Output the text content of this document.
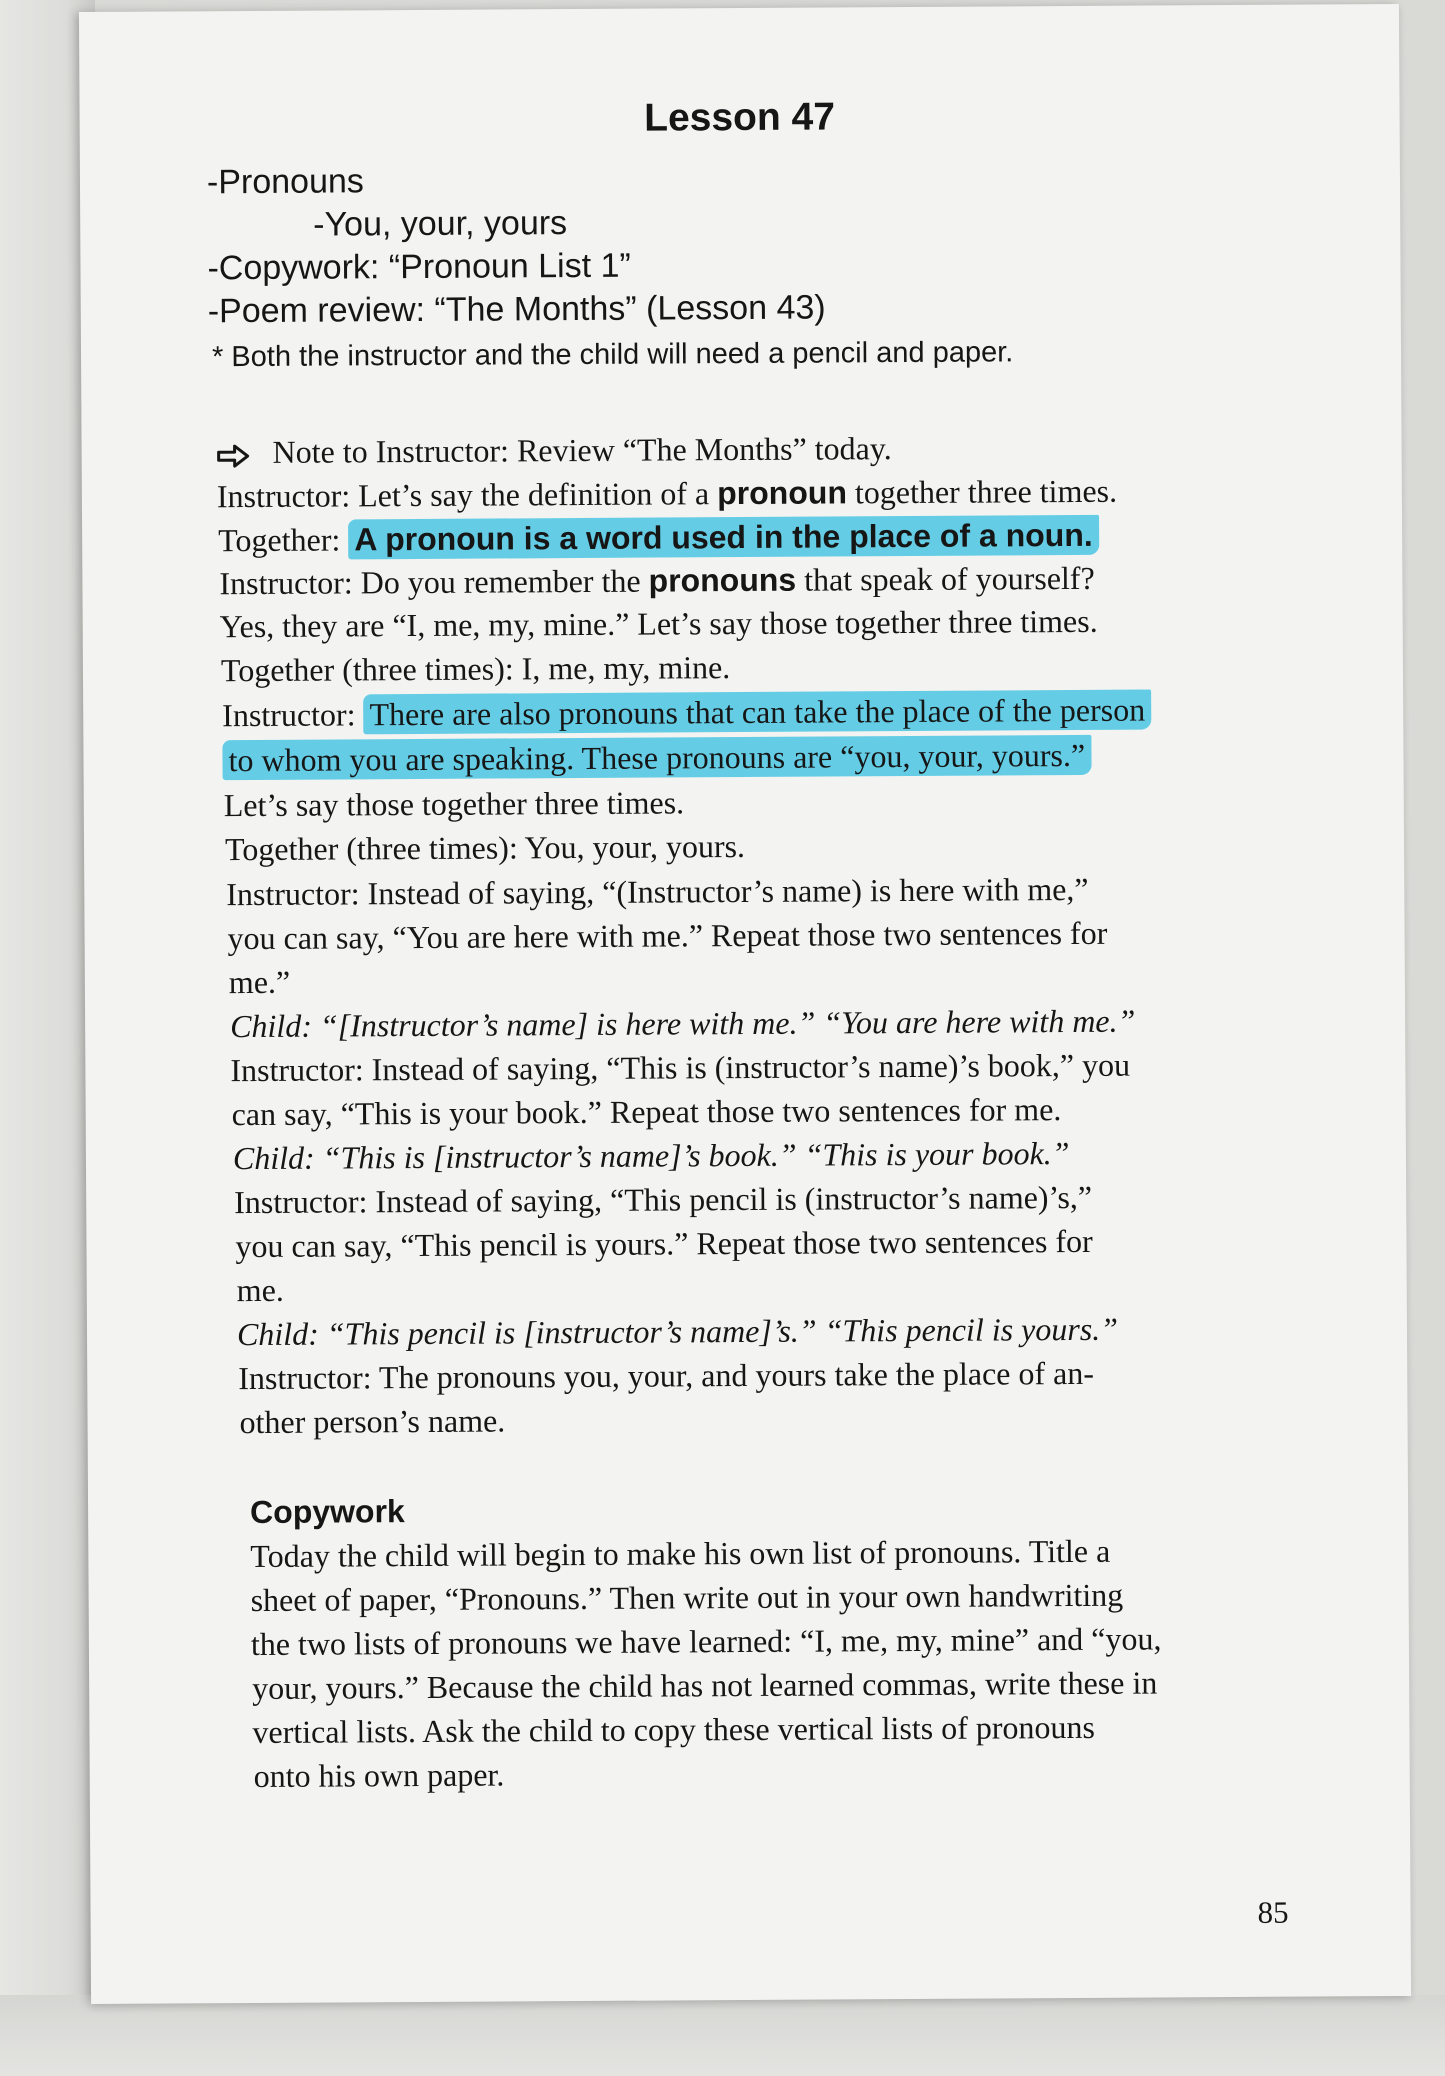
Lesson 47
-Pronouns
-You, your, yours
-Copywork: “Pronoun List 1”
-Poem review: “The Months” (Lesson 43)
* Both the instructor and the child will need a pencil and paper.
Note to Instructor: Review “The Months” today.
Instructor: Let’s say the definition of a pronoun together three times.
Together: A pronoun is a word used in the place of a noun.
Instructor: Do you remember the pronouns that speak of yourself?
Yes, they are “I, me, my, mine.” Let’s say those together three times.
Together (three times): I, me, my, mine.
Instructor: There are also pronouns that can take the place of the person
to whom you are speaking. These pronouns are “you, your, yours.”
Let’s say those together three times.
Together (three times): You, your, yours.
Instructor: Instead of saying, “(Instructor’s name) is here with me,”
you can say, “You are here with me.” Repeat those two sentences for
me.”
Child: “[Instructor’s name] is here with me.” “You are here with me.”
Instructor: Instead of saying, “This is (instructor’s name)’s book,” you
can say, “This is your book.” Repeat those two sentences for me.
Child: “This is [instructor’s name]’s book.” “This is your book.”
Instructor: Instead of saying, “This pencil is (instructor’s name)’s,”
you can say, “This pencil is yours.” Repeat those two sentences for
me.
Child: “This pencil is [instructor’s name]’s.” “This pencil is yours.”
Instructor: The pronouns you, your, and yours take the place of an-
other person’s name.
Copywork
Today the child will begin to make his own list of pronouns. Title a
sheet of paper, “Pronouns.” Then write out in your own handwriting
the two lists of pronouns we have learned: “I, me, my, mine” and “you,
your, yours.” Because the child has not learned commas, write these in
vertical lists. Ask the child to copy these vertical lists of pronouns
onto his own paper.
85
